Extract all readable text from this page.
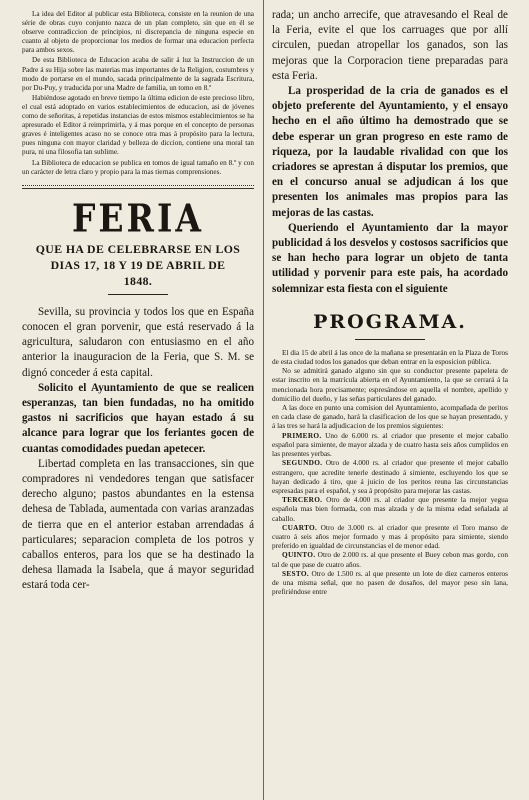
La idea del Editor al publicar esta Biblioteca, consiste en la reunion de una série de obras cuyo conjunto nazca de un plan completo, sin que en él se observe contradiccion de principios, ni discrepancia de ninguna especie en cuanto al objeto de proporcionar los medios de formar una educacion perfecta para ambos sexos.

De esta Biblioteca de Educacion acaba de salir á luz la Instruccion de un Padre á su Hija sobre las materias mas importantes de la Religion, costumbres y modo de portarse en el mundo, sacada principalmente de la sagrada Escritura, por Du-Puy, y traducida por una Madre de familia, un tomo en 8.º

Habiéndose agotado en breve tiempo la última edicion de este precioso libro, el cual está adoptado en varios establecimientos de educacion, asi de jóvenes como de señoritas, á repetidas instancias de estos mismos establecimientos se ha apresurado el Editor á reimprimirla, y á mas porque en el concepto de personas graves é inteligentes acaso no se conoce otra mas á propósito para la lectura, pues ninguna con mayor claridad y belleza de diccion, contiene una moral tan pura, ni una filosofia tan sublime.

La Biblioteca de educacion se publica en tomos de igual tamaño en 8.º y con un carácter de letra claro y propio para la mas tiernas comprensiones.

FERIA

QUE HA DE CELEBRARSE EN LOS

DIAS 17, 18 Y 19 DE ABRIL DE

1848.

Sevilla, su provincia y todos los que en España conocen el gran porvenir, que está reservado á la agricultura, saludaron con entusiasmo en el año anterior la inauguracion de la Feria, que S. M. se dignó conceder á esta capital.

Solicito el Ayuntamiento de que se realicen esperanzas, tan bien fundadas, no ha omitido gastos ni sacrificios que hayan estado á su alcance para lograr que los feriantes gocen de cuantas comodidades puedan apetecer.

Libertad completa en las transacciones, sin que compradores ni vendedores tengan que satisfacer derecho alguno; pastos abundantes en la estensa dehesa de Tablada, aumentada con varias aranzadas de tierra que en el anterior estaban arrendadas á particulares; separacion completa de los potros y caballos enteros, para los que se ha destinado la dehesa llamada la Isabela, que á mayor seguridad estará toda cer-

rada; un ancho arrecife, que atravesando el Real de la Feria, evite el que los carruages que por allí circulen, puedan atropellar los ganados, son las mejoras que la Corporacion tiene preparadas para esta Feria.

La prosperidad de la cria de ganados es el objeto preferente del Ayuntamiento, y el ensayo hecho en el año último ha demostrado que se debe esperar un gran progreso en este ramo de riqueza, por la laudable rivalidad con que los criadores se aprestan á disputar los premios, que en el concurso anual se adjudican á los que presenten los animales mas propios para las mejoras de las castas.

Queriendo el Ayuntamiento dar la mayor publicidad á los desvelos y costosos sacrificios que se han hecho para lograr un objeto de tanta utilidad y porvenir para este pais, ha acordado solemnizar esta fiesta con el siguiente

PROGRAMA.

El dia 15 de abril á las once de la mañana se presentarán en la Plaza de Toros de esta ciudad todos los ganados que deban entrar en la esposicion pública.

No se admitirá ganado alguno sin que su conductor presente papeleta de estar inscrito en la matrícula abierta en el Ayuntamiento, la que se cerrará á la mencionada hora precisamente; espresándose en aquella el nombre, apellido y domicilio del dueño, y las señas particulares del ganado.

A las doce en punto una comision del Ayuntamiento, acompañada de peritos en cada clase de ganado, hará la clasificacion de los que se hayan presentado, y á las tres se hará la adjudicacion de los premios siguientes:

PRIMERO. Uno de 6.000 rs. al criador que presente el mejor caballo español para simiente, de mayor alzada y de cuatro hasta seis años cumplidos en las presentes yerbas.

SEGUNDO. Otro de 4.000 rs. al criador que presente el mejor caballo estrangero, que acredite tenerle destinado á simiente, escluyendo los que se hayan dedicado á tiro, que á juicio de los peritos reuna las circunstancias espresadas para el español, y sea á propósito para mejorar las castas.

TERCERO. Otro de 4.000 rs. al criador que presente la mejor yegua española mas bien formada, con mas alzada y de la misma edad señalada al caballo.

CUARTO. Otro de 3.000 rs. al criador que presente el Toro manso de cuatro á seis años mejor formado y mas á propósito para simiente, siendo preferido en igualdad de circunstancias el de menor edad.

QUINTO. Otro de 2.000 rs. al que presente el Buey cebon mas gordo, con tal de que pase de cuatro años.

SESTO. Otro de 1.500 rs. al que presente un lote de diez carneros enteros de una misma señal, que no pasen de dosaños, del mayor peso sin lana, prefiriéndose entre
